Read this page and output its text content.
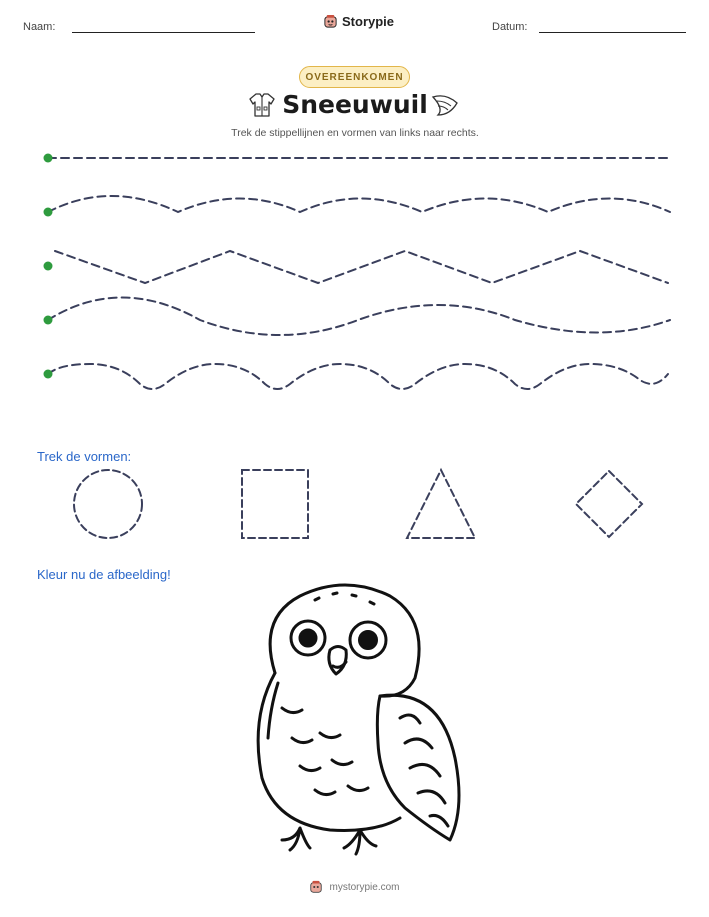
Naam:	Storypie	Datum:
OVEREENKOMEN
Sneeuwuil
Trek de stippellijnen en vormen van links naar rechts.
Trek de vormen:
Kleur nu de afbeelding!
mystorypie.com
